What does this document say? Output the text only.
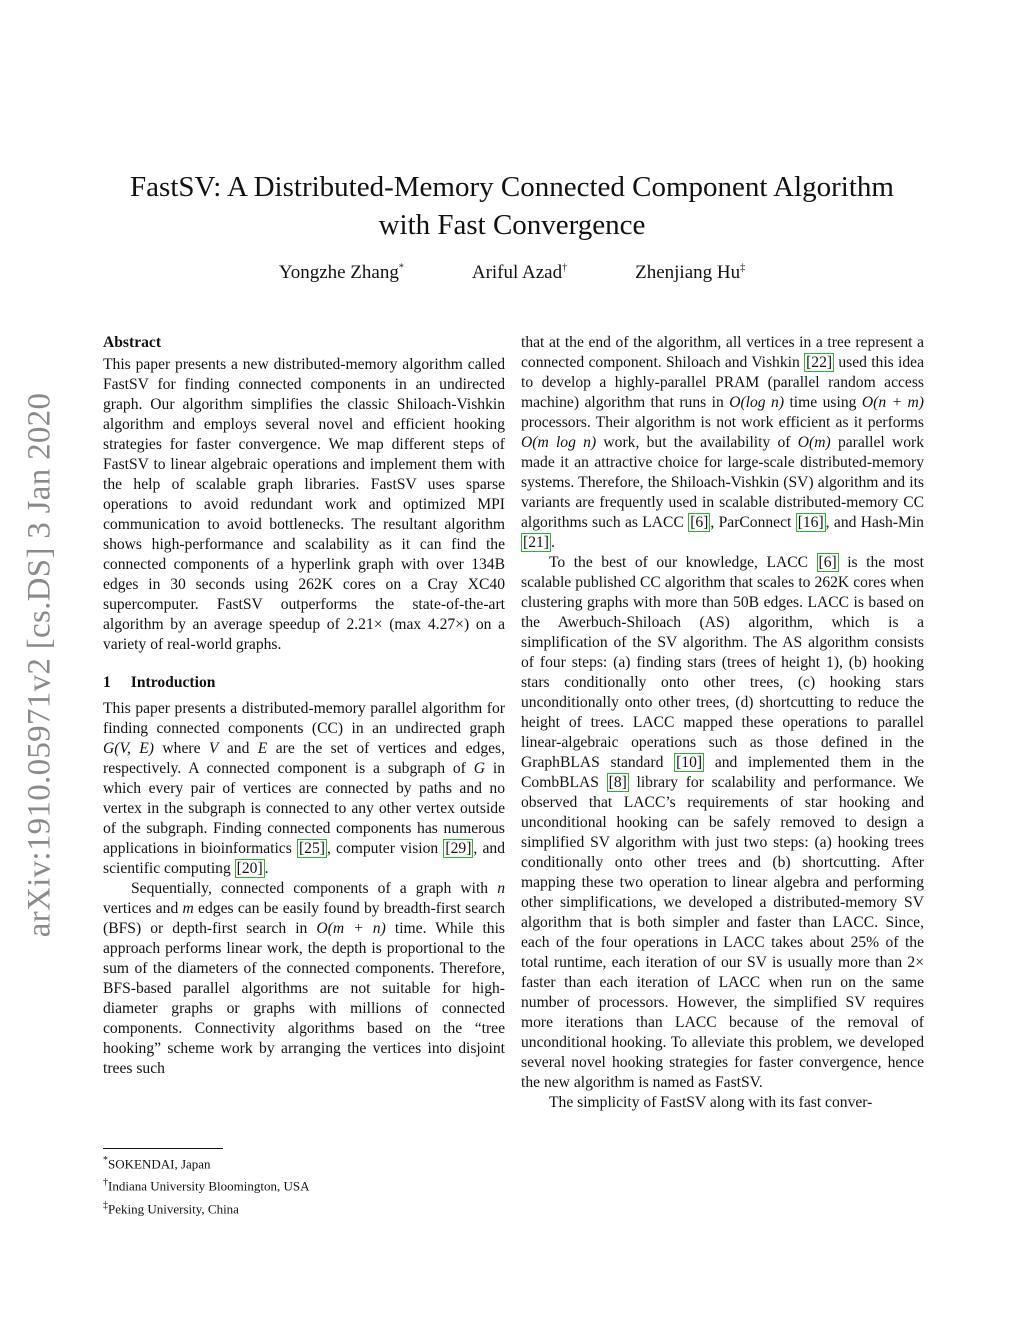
arXiv:1910.05971v2 [cs.DS] 3 Jan 2020
FastSV: A Distributed-Memory Connected Component Algorithm
with Fast Convergence
Yongzhe Zhang*	Ariful Azad†	Zhenjiang Hu‡
Abstract

This paper presents a new distributed-memory algorithm called FastSV for finding connected components in an undirected graph. Our algorithm simplifies the classic Shiloach-Vishkin algorithm and employs several novel and efficient hooking strategies for faster convergence. We map different steps of FastSV to linear algebraic operations and implement them with the help of scalable graph libraries. FastSV uses sparse operations to avoid redundant work and optimized MPI communication to avoid bottlenecks. The resultant algorithm shows high-performance and scalability as it can find the connected components of a hyperlink graph with over 134B edges in 30 seconds using 262K cores on a Cray XC40 supercomputer. FastSV outperforms the state-of-the-art algorithm by an average speedup of 2.21× (max 4.27×) on a variety of real-world graphs.

1 Introduction

This paper presents a distributed-memory parallel algorithm for finding connected components (CC) in an undirected graph G(V, E) where V and E are the set of vertices and edges, respectively. A connected component is a subgraph of G in which every pair of vertices are connected by paths and no vertex in the subgraph is connected to any other vertex outside of the subgraph. Finding connected components has numerous applications in bioinformatics [25] , computer vision [29] , and scientific computing [20] .

Sequentially, connected components of a graph with n vertices and m edges can be easily found by breadth-first search (BFS) or depth-first search in O(m + n) time. While this approach performs linear work, the depth is proportional to the sum of the diameters of the connected components. Therefore, BFS-based parallel algorithms are not suitable for high-diameter graphs or graphs with millions of connected components. Connectivity algorithms based on the “tree hooking” scheme work by arranging the vertices into disjoint trees such

*SOKENDAI, Japan
†Indiana University Bloomington, USA
‡Peking University, China

that at the end of the algorithm, all vertices in a tree represent a connected component. Shiloach and Vishkin [22] used this idea to develop a highly-parallel PRAM (parallel random access machine) algorithm that runs in O(log n) time using O(n + m) processors. Their algorithm is not work efficient as it performs O(m log n) work, but the availability of O(m) parallel work made it an attractive choice for large-scale distributed-memory systems. Therefore, the Shiloach-Vishkin (SV) algorithm and its variants are frequently used in scalable distributed-memory CC algorithms such as LACC [6] , ParConnect [16] , and Hash-Min [21] .

To the best of our knowledge, LACC [6] is the most scalable published CC algorithm that scales to 262K cores when clustering graphs with more than 50B edges. LACC is based on the Awerbuch-Shiloach (AS) algorithm, which is a simplification of the SV algorithm. The AS algorithm consists of four steps: (a) finding stars (trees of height 1), (b) hooking stars conditionally onto other trees, (c) hooking stars unconditionally onto other trees, (d) shortcutting to reduce the height of trees. LACC mapped these operations to parallel linear-algebraic operations such as those defined in the GraphBLAS standard [10] and implemented them in the CombBLAS [8] library for scalability and performance. We observed that LACC’s requirements of star hooking and unconditional hooking can be safely removed to design a simplified SV algorithm with just two steps: (a) hooking trees conditionally onto other trees and (b) shortcutting. After mapping these two operation to linear algebra and performing other simplifications, we developed a distributed-memory SV algorithm that is both simpler and faster than LACC. Since, each of the four operations in LACC takes about 25% of the total runtime, each iteration of our SV is usually more than 2× faster than each iteration of LACC when run on the same number of processors. However, the simplified SV requires more iterations than LACC because of the removal of unconditional hooking. To alleviate this problem, we developed several novel hooking strategies for faster convergence, hence the new algorithm is named as FastSV.

The simplicity of FastSV along with its fast conver-
